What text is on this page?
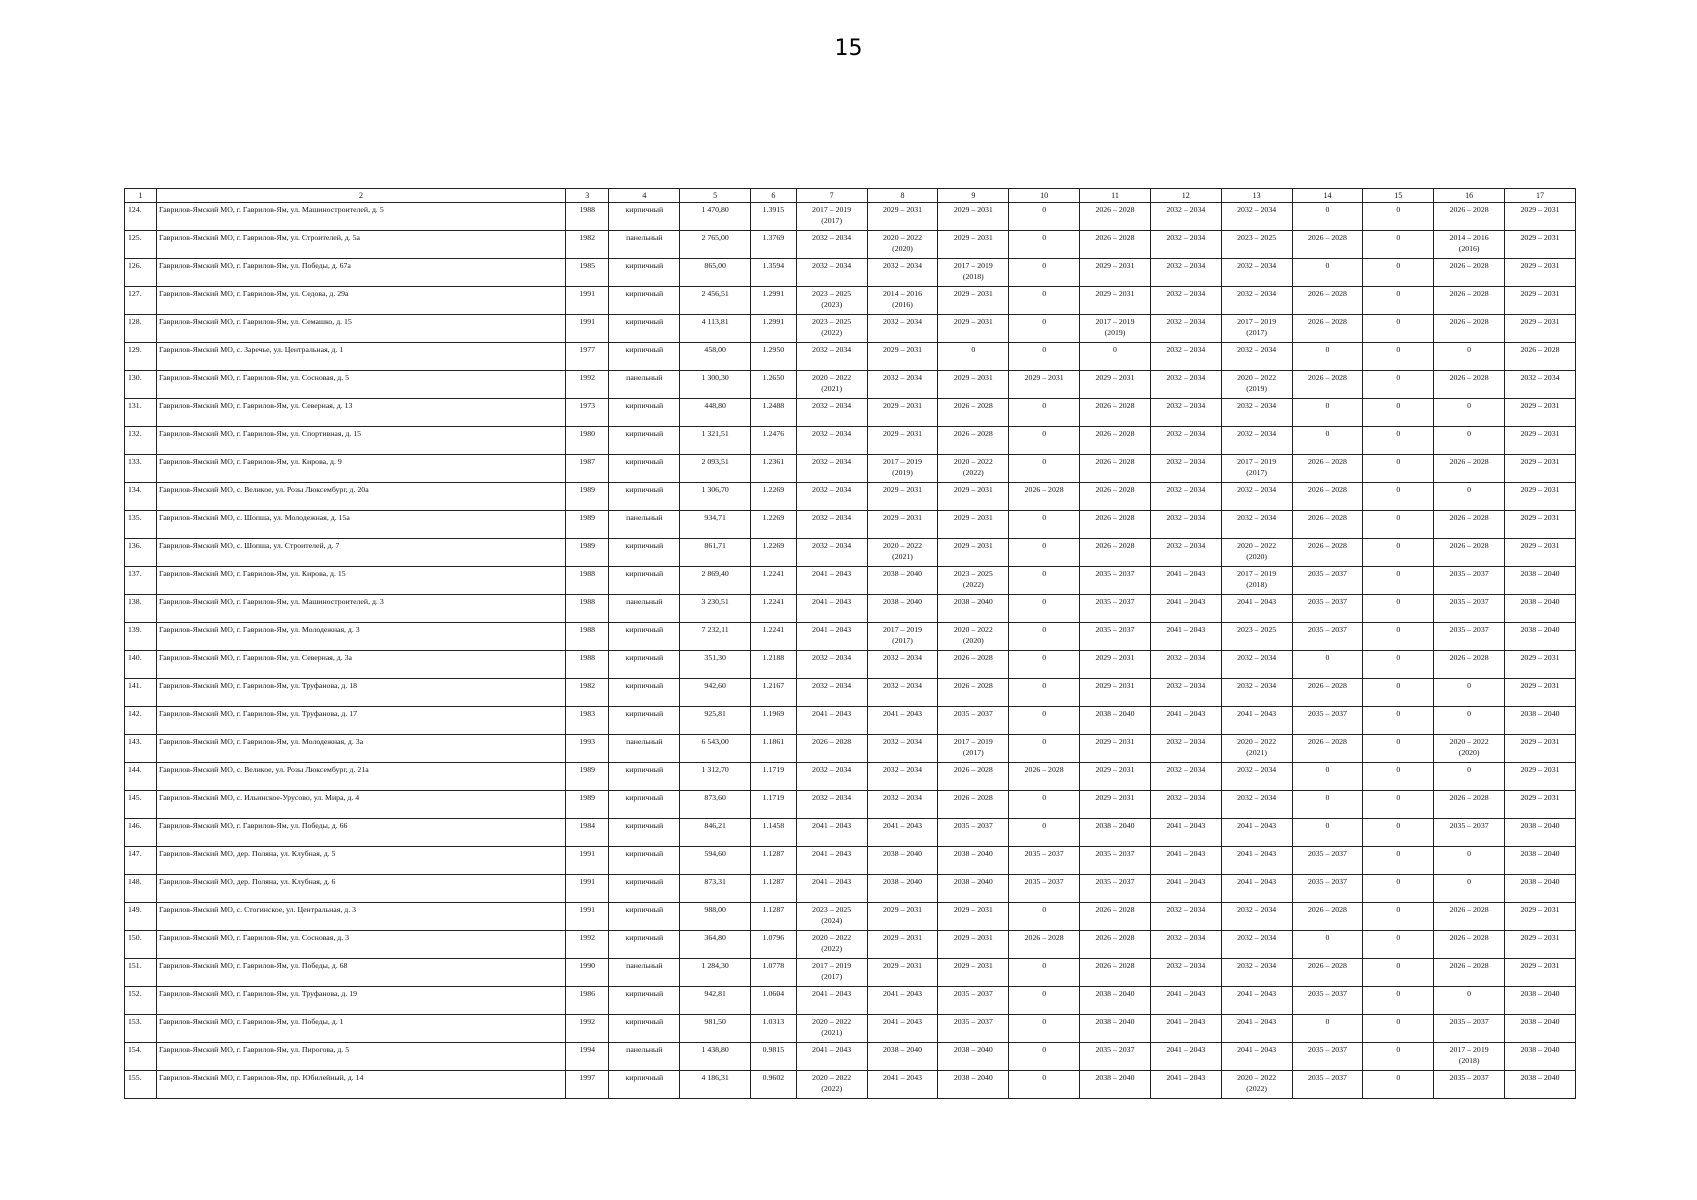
15
1	2	3	4	5	6	7	8	9	10	11	12	13	14	15	16	17
124.	Гаврилов-Ямский МО, г. Гаврилов-Ям, ул. Машиностроителей, д. 5	1988	кирпичный	1 470,80	1.3915	2017 – 2019
(2017)	2029 – 2031	2029 – 2031	0	2026 – 2028	2032 – 2034	2032 – 2034	0	0	2026 – 2028	2029 – 2031

125.	Гаврилов-Ямский МО, г. Гаврилов-Ям, ул. Строителей, д. 5а	1982	панельный	2 765,00	1.3769	2032 – 2034	2020 – 2022
(2020)	2029 – 2031	0	2026 – 2028	2032 – 2034	2023 – 2025	2026 – 2028	0	2014 – 2016
(2016)	2029 – 2031

126.	Гаврилов-Ямский МО, г. Гаврилов-Ям, ул. Победы, д. 67а	1985	кирпичный	865,00	1.3594	2032 – 2034	2032 – 2034	2017 – 2019
(2018)	0	2029 – 2031	2032 – 2034	2032 – 2034	0	0	2026 – 2028	2029 – 2031

127.	Гаврилов-Ямский МО, г. Гаврилов-Ям, ул. Седова, д. 29а	1991	кирпичный	2 456,51	1.2991	2023 – 2025
(2023)	2014 – 2016
(2016)	2029 – 2031	0	2029 – 2031	2032 – 2034	2032 – 2034	2026 – 2028	0	2026 – 2028	2029 – 2031

128.	Гаврилов-Ямский МО, г. Гаврилов-Ям, ул. Семашко, д. 15	1991	кирпичный	4 113,81	1.2991	2023 – 2025
(2022)	2032 – 2034	2029 – 2031	0	2017 – 2019
(2019)	2032 – 2034	2017 – 2019
(2017)	2026 – 2028	0	2026 – 2028	2029 – 2031

129.	Гаврилов-Ямский МО, с. Заречье, ул. Центральная, д. 1	1977	кирпичный	458,00	1.2950	2032 – 2034	2029 – 2031	0	0	0	2032 – 2034	2032 – 2034	0	0	0	2026 – 2028

130.	Гаврилов-Ямский МО, г. Гаврилов-Ям, ул. Сосновая, д. 5	1992	панельный	1 300,30	1.2650	2020 – 2022
(2021)	2032 – 2034	2029 – 2031	2029 – 2031	2029 – 2031	2032 – 2034	2020 – 2022
(2019)	2026 – 2028	0	2026 – 2028	2032 – 2034

131.	Гаврилов-Ямский МО, г. Гаврилов-Ям, ул. Северная, д. 13	1973	кирпичный	448,80	1.2488	2032 – 2034	2029 – 2031	2026 – 2028	0	2026 – 2028	2032 – 2034	2032 – 2034	0	0	0	2029 – 2031

132.	Гаврилов-Ямский МО, г. Гаврилов-Ям, ул. Спортивная, д. 15	1980	кирпичный	1 321,51	1.2476	2032 – 2034	2029 – 2031	2026 – 2028	0	2026 – 2028	2032 – 2034	2032 – 2034	0	0	0	2029 – 2031

133.	Гаврилов-Ямский МО, г. Гаврилов-Ям, ул. Кирова, д. 9	1987	кирпичный	2 093,51	1.2361	2032 – 2034	2017 – 2019
(2019)	2020 – 2022
(2022)	0	2026 – 2028	2032 – 2034	2017 – 2019
(2017)	2026 – 2028	0	2026 – 2028	2029 – 2031

134.	Гаврилов-Ямский МО, с. Великое, ул. Розы Люксембург, д. 20а	1989	кирпичный	1 306,70	1.2269	2032 – 2034	2029 – 2031	2029 – 2031	2026 – 2028	2026 – 2028	2032 – 2034	2032 – 2034	2026 – 2028	0	0	2029 – 2031

135.	Гаврилов-Ямский МО, с. Шопша, ул. Молодежная, д. 15а	1989	панельный	934,71	1.2269	2032 – 2034	2029 – 2031	2029 – 2031	0	2026 – 2028	2032 – 2034	2032 – 2034	2026 – 2028	0	2026 – 2028	2029 – 2031

136.	Гаврилов-Ямский МО, с. Шопша, ул. Строителей, д. 7	1989	кирпичный	861,71	1.2269	2032 – 2034	2020 – 2022
(2021)	2029 – 2031	0	2026 – 2028	2032 – 2034	2020 – 2022
(2020)	2026 – 2028	0	2026 – 2028	2029 – 2031

137.	Гаврилов-Ямский МО, г. Гаврилов-Ям, ул. Кирова, д. 15	1988	кирпичный	2 869,40	1.2241	2041 – 2043	2038 – 2040	2023 – 2025
(2022)	0	2035 – 2037	2041 – 2043	2017 – 2019
(2018)	2035 – 2037	0	2035 – 2037	2038 – 2040

138.	Гаврилов-Ямский МО, г. Гаврилов-Ям, ул. Машиностроителей, д. 3	1988	панельный	3 230,51	1.2241	2041 – 2043	2038 – 2040	2038 – 2040	0	2035 – 2037	2041 – 2043	2041 – 2043	2035 – 2037	0	2035 – 2037	2038 – 2040

139.	Гаврилов-Ямский МО, г. Гаврилов-Ям, ул. Молодежная, д. 3	1988	кирпичный	7 232,11	1.2241	2041 – 2043	2017 – 2019
(2017)	2020 – 2022
(2020)	0	2035 – 2037	2041 – 2043	2023 – 2025	2035 – 2037	0	2035 – 2037	2038 – 2040

140.	Гаврилов-Ямский МО, г. Гаврилов-Ям, ул. Северная, д. 3а	1988	кирпичный	351,30	1.2188	2032 – 2034	2032 – 2034	2026 – 2028	0	2029 – 2031	2032 – 2034	2032 – 2034	0	0	2026 – 2028	2029 – 2031

141.	Гаврилов-Ямский МО, г. Гаврилов-Ям, ул. Труфанова, д. 18	1982	кирпичный	942,60	1.2167	2032 – 2034	2032 – 2034	2026 – 2028	0	2029 – 2031	2032 – 2034	2032 – 2034	2026 – 2028	0	0	2029 – 2031

142.	Гаврилов-Ямский МО, г. Гаврилов-Ям, ул. Труфанова, д. 17	1983	кирпичный	925,81	1.1969	2041 – 2043	2041 – 2043	2035 – 2037	0	2038 – 2040	2041 – 2043	2041 – 2043	2035 – 2037	0	0	2038 – 2040

143.	Гаврилов-Ямский МО, г. Гаврилов-Ям, ул. Молодежная, д. 3а	1993	панельный	6 543,00	1.1861	2026 – 2028	2032 – 2034	2017 – 2019
(2017)	0	2029 – 2031	2032 – 2034	2020 – 2022
(2021)	2026 – 2028	0	2020 – 2022
(2020)	2029 – 2031

144.	Гаврилов-Ямский МО, с. Великое, ул. Розы Люксембург, д. 21а	1989	кирпичный	1 312,70	1.1719	2032 – 2034	2032 – 2034	2026 – 2028	2026 – 2028	2029 – 2031	2032 – 2034	2032 – 2034	0	0	0	2029 – 2031

145.	Гаврилов-Ямский МО, с. Ильинское-Урусово, ул. Мира, д. 4	1989	кирпичный	873,60	1.1719	2032 – 2034	2032 – 2034	2026 – 2028	0	2029 – 2031	2032 – 2034	2032 – 2034	0	0	2026 – 2028	2029 – 2031

146.	Гаврилов-Ямский МО, г. Гаврилов-Ям, ул. Победы, д. 66	1984	кирпичный	846,21	1.1458	2041 – 2043	2041 – 2043	2035 – 2037	0	2038 – 2040	2041 – 2043	2041 – 2043	0	0	2035 – 2037	2038 – 2040

147.	Гаврилов-Ямский МО, дер. Поляна, ул. Клубная, д. 5	1991	кирпичный	594,60	1.1287	2041 – 2043	2038 – 2040	2038 – 2040	2035 – 2037	2035 – 2037	2041 – 2043	2041 – 2043	2035 – 2037	0	0	2038 – 2040

148.	Гаврилов-Ямский МО, дер. Поляна, ул. Клубная, д. 6	1991	кирпичный	873,31	1.1287	2041 – 2043	2038 – 2040	2038 – 2040	2035 – 2037	2035 – 2037	2041 – 2043	2041 – 2043	2035 – 2037	0	0	2038 – 2040

149.	Гаврилов-Ямский МО, с. Стогинское, ул. Центральная, д. 3	1991	кирпичный	988,00	1.1287	2023 – 2025
(2024)	2029 – 2031	2029 – 2031	0	2026 – 2028	2032 – 2034	2032 – 2034	2026 – 2028	0	2026 – 2028	2029 – 2031

150.	Гаврилов-Ямский МО, г. Гаврилов-Ям, ул. Сосновая, д. 3	1992	кирпичный	364,80	1.0796	2020 – 2022
(2022)	2029 – 2031	2029 – 2031	2026 – 2028	2026 – 2028	2032 – 2034	2032 – 2034	0	0	2026 – 2028	2029 – 2031

151.	Гаврилов-Ямский МО, г. Гаврилов-Ям, ул. Победы, д. 68	1990	панельный	1 284,30	1.0778	2017 – 2019
(2017)	2029 – 2031	2029 – 2031	0	2026 – 2028	2032 – 2034	2032 – 2034	2026 – 2028	0	2026 – 2028	2029 – 2031

152.	Гаврилов-Ямский МО, г. Гаврилов-Ям, ул. Труфанова, д. 19	1986	кирпичный	942,81	1.0604	2041 – 2043	2041 – 2043	2035 – 2037	0	2038 – 2040	2041 – 2043	2041 – 2043	2035 – 2037	0	0	2038 – 2040

153.	Гаврилов-Ямский МО, г. Гаврилов-Ям, ул. Победы, д. 1	1992	кирпичный	981,50	1.0313	2020 – 2022
(2021)	2041 – 2043	2035 – 2037	0	2038 – 2040	2041 – 2043	2041 – 2043	0	0	2035 – 2037	2038 – 2040

154.	Гаврилов-Ямский МО, г. Гаврилов-Ям, ул. Пирогова, д. 5	1994	панельный	1 438,80	0.9815	2041 – 2043	2038 – 2040	2038 – 2040	0	2035 – 2037	2041 – 2043	2041 – 2043	2035 – 2037	0	2017 – 2019
(2018)	2038 – 2040

155.	Гаврилов-Ямский МО, г. Гаврилов-Ям, пр. Юбилейный, д. 14	1997	кирпичный	4 186,31	0.9602	2020 – 2022
(2022)	2041 – 2043	2038 – 2040	0	2038 – 2040	2041 – 2043	2020 – 2022
(2022)	2035 – 2037	0	2035 – 2037	2038 – 2040
